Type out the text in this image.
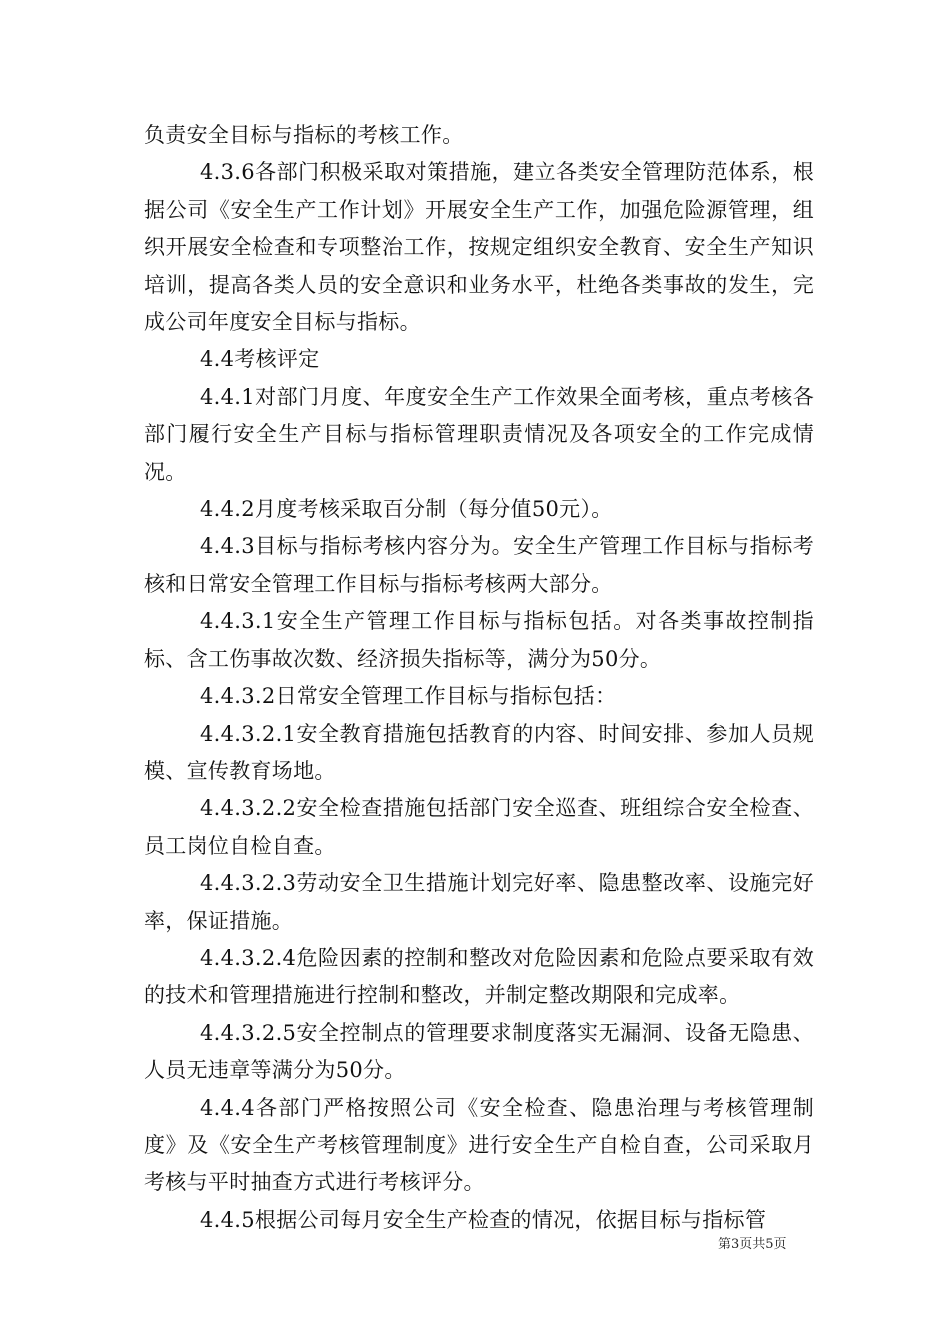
负责安全目标与指标的考核工作。

4.3.6各部门积极采取对策措施，建立各类安全管理防范体系，根据公司《安全生产工作计划》开展安全生产工作，加强危险源管理，组织开展安全检查和专项整治工作，按规定组织安全教育、安全生产知识培训，提高各类人员的安全意识和业务水平，杜绝各类事故的发生，完成公司年度安全目标与指标。

4.4考核评定

4.4.1对部门月度、年度安全生产工作效果全面考核，重点考核各部门履行安全生产目标与指标管理职责情况及各项安全的工作完成情况。

4.4.2月度考核采取百分制（每分值50元）。

4.4.3目标与指标考核内容分为。安全生产管理工作目标与指标考核和日常安全管理工作目标与指标考核两大部分。

4.4.3.1安全生产管理工作目标与指标包括。对各类事故控制指标、含工伤事故次数、经济损失指标等，满分为50分。

4.4.3.2日常安全管理工作目标与指标包括：

4.4.3.2.1安全教育措施包括教育的内容、时间安排、参加人员规模、宣传教育场地。

4.4.3.2.2安全检查措施包括部门安全巡查、班组综合安全检查、员工岗位自检自查。

4.4.3.2.3劳动安全卫生措施计划完好率、隐患整改率、设施完好率，保证措施。

4.4.3.2.4危险因素的控制和整改对危险因素和危险点要采取有效的技术和管理措施进行控制和整改，并制定整改期限和完成率。

4.4.3.2.5安全控制点的管理要求制度落实无漏洞、设备无隐患、人员无违章等满分为50分。

4.4.4各部门严格按照公司《安全检查、隐患治理与考核管理制度》及《安全生产考核管理制度》进行安全生产自检自查，公司采取月考核与平时抽查方式进行考核评分。

4.4.5根据公司每月安全生产检查的情况，依据目标与指标管

第3页共5页
